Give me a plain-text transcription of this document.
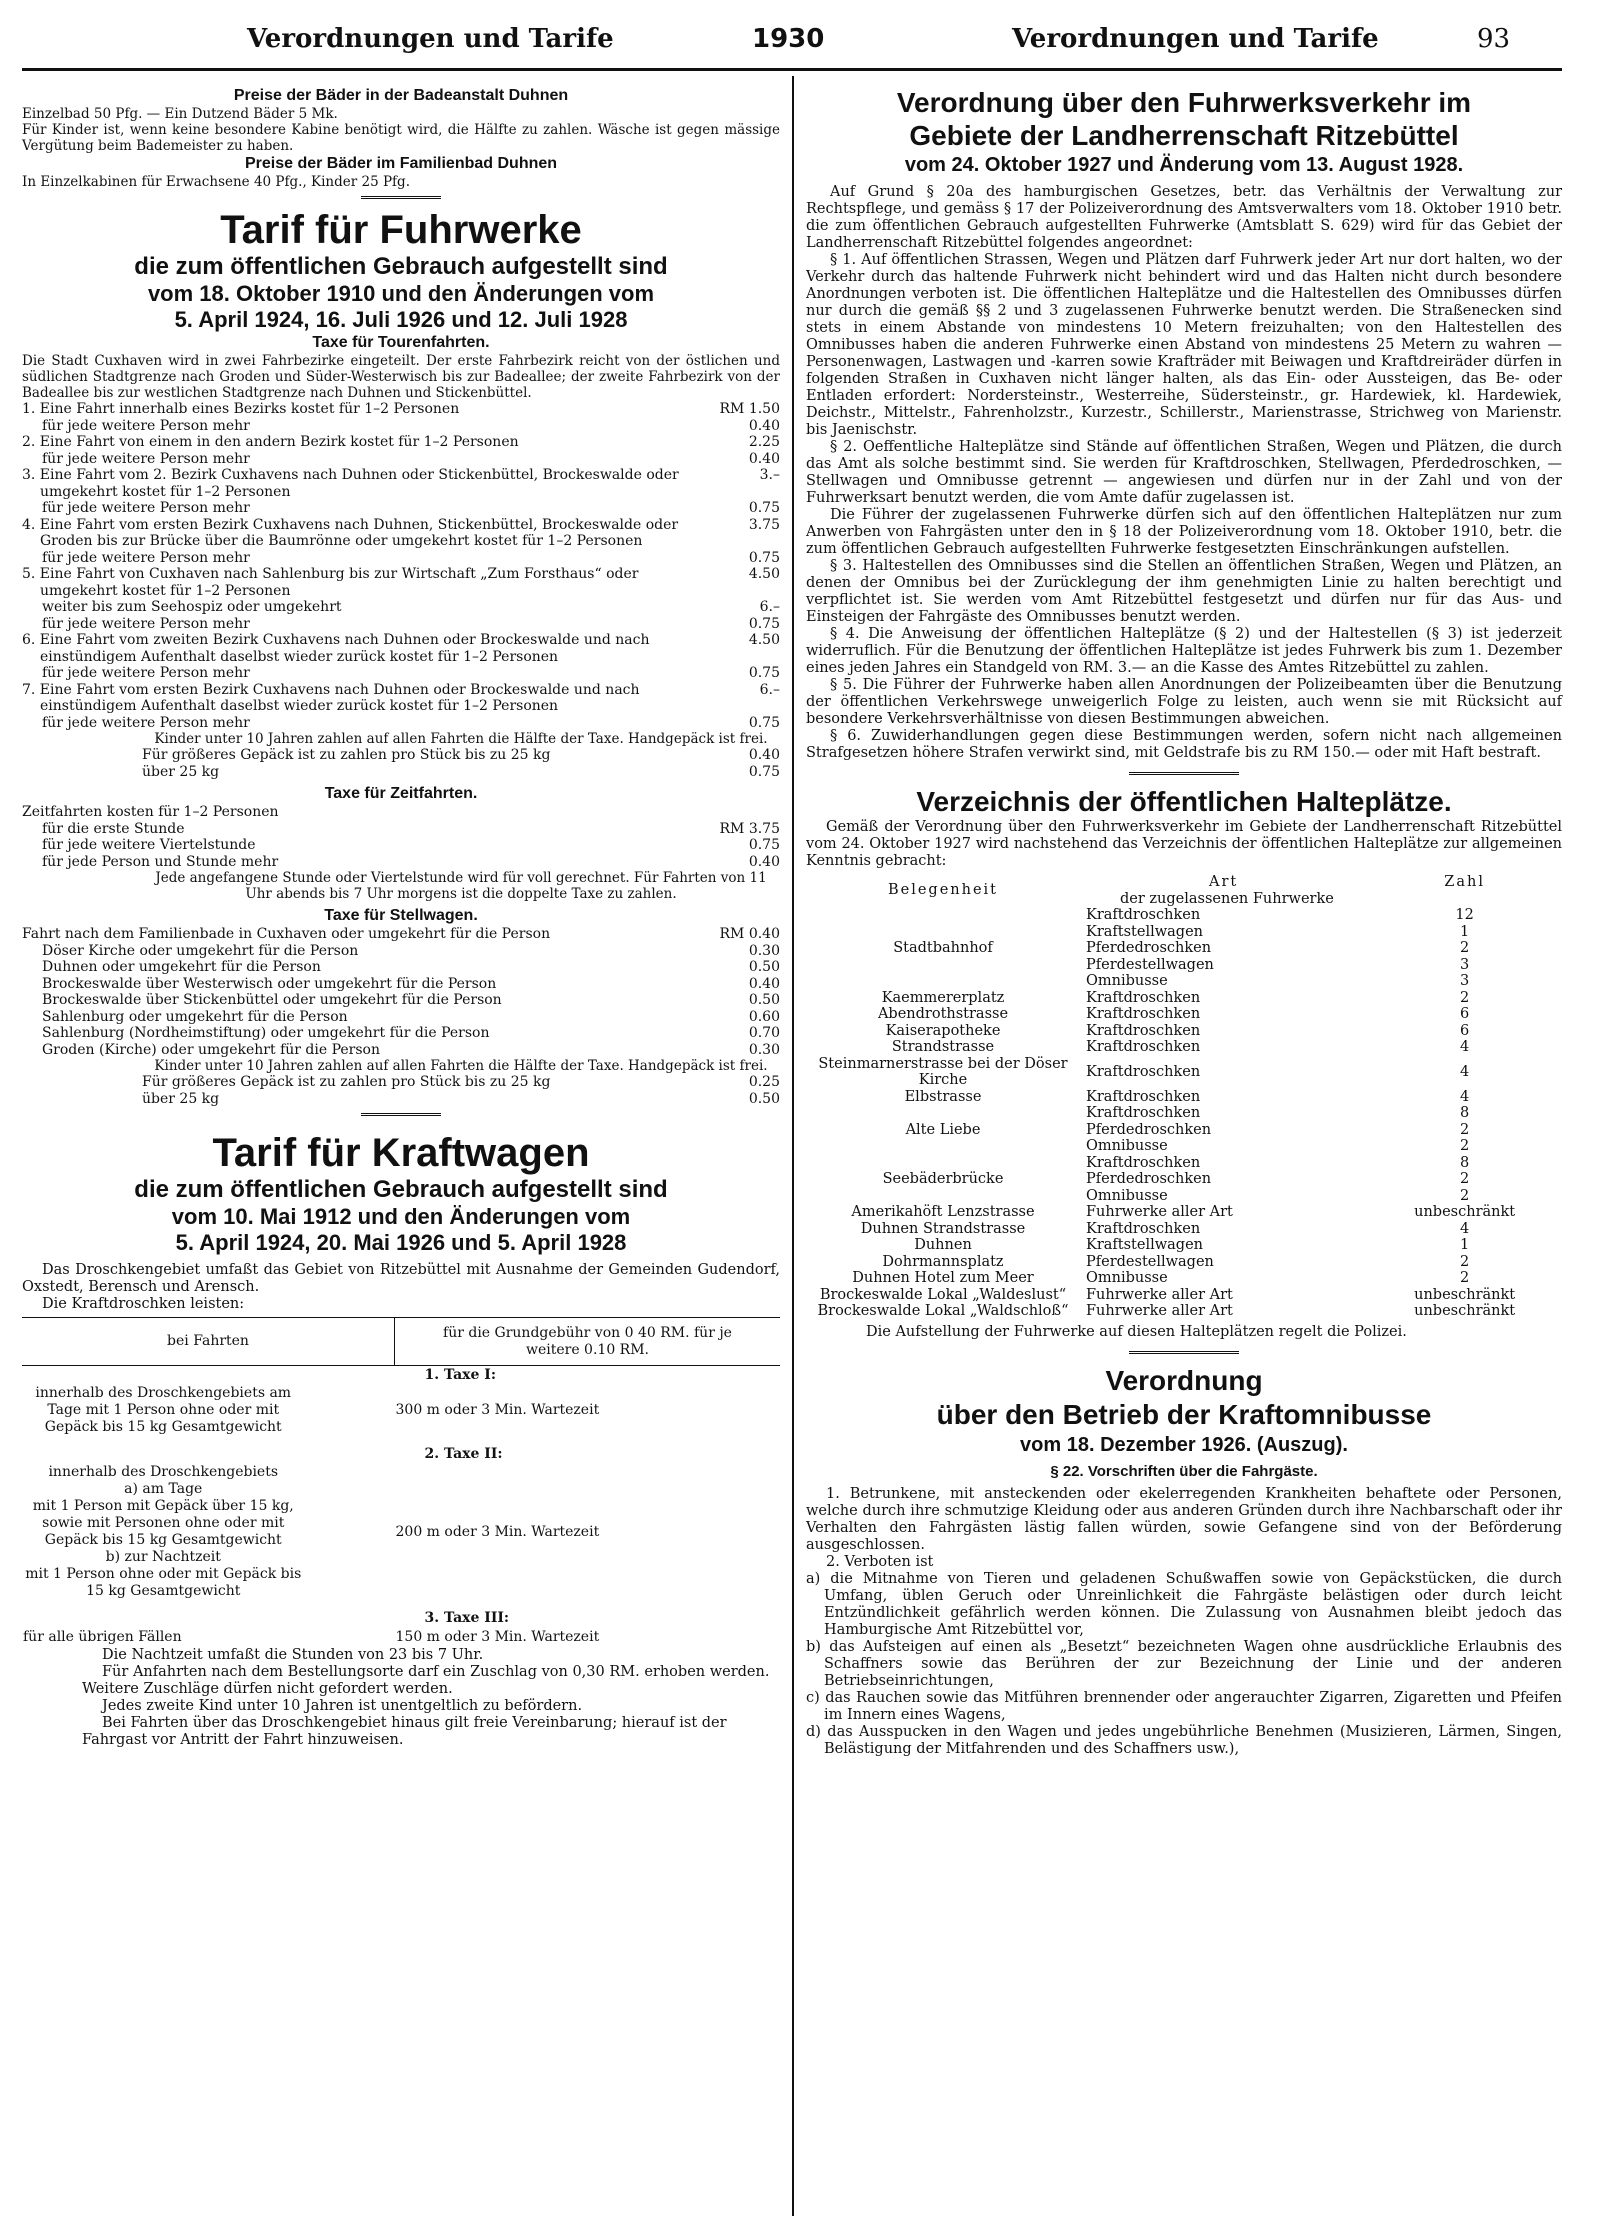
Verordnungen und Tarife	1930	Verordnungen und Tarife	93

Preise der Bäder in der Badeanstalt Duhnen

Einzelbad 50 Pfg. — Ein Dutzend Bäder 5 Mk.

Für Kinder ist, wenn keine besondere Kabine benötigt wird, die Hälfte zu zahlen. Wäsche ist gegen mässige Vergütung beim Bademeister zu haben.

Preise der Bäder im Familienbad Duhnen

In Einzelkabinen für Erwachsene 40 Pfg., Kinder 25 Pfg.

Tarif für Fuhrwerke

die zum öffentlichen Gebrauch aufgestellt sind

vom 18. Oktober 1910 und den Änderungen vom

5. April 1924, 16. Juli 1926 und 12. Juli 1928

Taxe für Tourenfahrten.

Die Stadt Cuxhaven wird in zwei Fahrbezirke eingeteilt. Der erste Fahrbezirk reicht von der östlichen und südlichen Stadtgrenze nach Groden und Süder-Westerwisch bis zur Badeallee; der zweite Fahrbezirk von der Badeallee bis zur westlichen Stadtgrenze nach Duhnen und Stickenbüttel.

1. Eine Fahrt innerhalb eines Bezirks kostet für 1–2 Personen	RM 1.50
für jede weitere Person mehr	0.40
2. Eine Fahrt von einem in den andern Bezirk kostet für 1–2 Personen	2.25
für jede weitere Person mehr	0.40
3. Eine Fahrt vom 2. Bezirk Cuxhavens nach Duhnen oder Stickenbüttel, Brockeswalde oder umgekehrt kostet für 1–2 Personen
3.–
für jede weitere Person mehr	0.75
4. Eine Fahrt vom ersten Bezirk Cuxhavens nach Duhnen, Stickenbüttel, Brockeswalde oder Groden bis zur Brücke über die Baumrönne oder umgekehrt kostet für 1–2 Personen
3.75
für jede weitere Person mehr	0.75
5. Eine Fahrt von Cuxhaven nach Sahlenburg bis zur Wirtschaft „Zum Forsthaus“ oder umgekehrt kostet für 1–2 Personen
4.50
weiter bis zum Seehospiz oder umgekehrt	6.–
für jede weitere Person mehr	0.75
6. Eine Fahrt vom zweiten Bezirk Cuxhavens nach Duhnen oder Brockeswalde und nach einstündigem Aufenthalt daselbst wieder zurück kostet für 1–2 Personen
4.50
für jede weitere Person mehr	0.75
7. Eine Fahrt vom ersten Bezirk Cuxhavens nach Duhnen oder Brockeswalde und nach einstündigem Aufenthalt daselbst wieder zurück kostet für 1–2 Personen
6.–
für jede weitere Person mehr	0.75

Kinder unter 10 Jahren zahlen auf allen Fahrten die Hälfte der Taxe. Handgepäck ist frei.

Für größeres Gepäck ist zu zahlen pro Stück bis zu 25 kg	0.40
über 25 kg	0.75

Taxe für Zeitfahrten.

Zeitfahrten kosten für 1–2 Personen
für die erste Stunde	RM 3.75
für jede weitere Viertelstunde	0.75
für jede Person und Stunde mehr	0.40

Jede angefangene Stunde oder Viertelstunde wird für voll gerechnet. Für Fahrten von 11 Uhr abends bis 7 Uhr morgens ist die doppelte Taxe zu zahlen.

Taxe für Stellwagen.

Fahrt nach dem Familienbade in Cuxhaven oder umgekehrt für die Person	RM 0.40
Döser Kirche oder umgekehrt für die Person	0.30
Duhnen oder umgekehrt für die Person	0.50
Brockeswalde über Westerwisch oder umgekehrt für die Person	0.40
Brockeswalde über Stickenbüttel oder umgekehrt für die Person	0.50
Sahlenburg oder umgekehrt für die Person	0.60
Sahlenburg (Nordheimstiftung) oder umgekehrt für die Person	0.70
Groden (Kirche) oder umgekehrt für die Person	0.30

Kinder unter 10 Jahren zahlen auf allen Fahrten die Hälfte der Taxe. Handgepäck ist frei.

Für größeres Gepäck ist zu zahlen pro Stück bis zu 25 kg	0.25
über 25 kg	0.50

Tarif für Kraftwagen

die zum öffentlichen Gebrauch aufgestellt sind

vom 10. Mai 1912 und den Änderungen vom

5. April 1924, 20. Mai 1926 und 5. April 1928

Das Droschkengebiet umfaßt das Gebiet von Ritzebüttel mit Ausnahme der Gemeinden Gudendorf, Oxstedt, Berensch und Arensch.

Die Kraftdroschken leisten:

bei Fahrten	für die Grundgebühr von 0 40 RM. für je weitere 0.10 RM.
	1. Taxe I:
innerhalb des Droschkengebiets am Tage mit 1 Person ohne oder mit Gepäck bis 15 kg Gesamtgewicht	300 m oder 3 Min. Wartezeit
	2. Taxe II:

innerhalb des Droschkengebiets
a) am Tage
mit 1 Person mit Gepäck über 15 kg, sowie mit Personen ohne oder mit Gepäck bis 15 kg Gesamtgewicht
b) zur Nachtzeit
mit 1 Person ohne oder mit Gepäck bis 15 kg Gesamtgewicht	200 m oder 3 Min. Wartezeit
	3. Taxe III:
für alle übrigen Fällen	150 m oder 3 Min. Wartezeit

Die Nachtzeit umfaßt die Stunden von 23 bis 7 Uhr.

Für Anfahrten nach dem Bestellungsorte darf ein Zuschlag von 0,30 RM. erhoben werden. Weitere Zuschläge dürfen nicht gefordert werden.

Jedes zweite Kind unter 10 Jahren ist unentgeltlich zu befördern.

Bei Fahrten über das Droschkengebiet hinaus gilt freie Vereinbarung; hierauf ist der Fahrgast vor Antritt der Fahrt hinzuweisen.

Verordnung über den Fuhrwerksverkehr im

Gebiete der Landherrenschaft Ritzebüttel

vom 24. Oktober 1927 und Änderung vom 13. August 1928.

Auf Grund § 20a des hamburgischen Gesetzes, betr. das Verhältnis der Verwaltung zur Rechtspflege, und gemäss § 17 der Polizeiverordnung des Amtsverwalters vom 18. Oktober 1910 betr. die zum öffentlichen Gebrauch aufgestellten Fuhrwerke (Amtsblatt S. 629) wird für das Gebiet der Landherrenschaft Ritzebüttel folgendes angeordnet:

§ 1. Auf öffentlichen Strassen, Wegen und Plätzen darf Fuhrwerk jeder Art nur dort halten, wo der Verkehr durch das haltende Fuhrwerk nicht behindert wird und das Halten nicht durch besondere Anordnungen verboten ist. Die öffentlichen Halteplätze und die Haltestellen des Omnibusses dürfen nur durch die gemäß §§ 2 und 3 zugelassenen Fuhrwerke benutzt werden. Die Straßenecken sind stets in einem Abstande von mindestens 10 Metern freizuhalten; von den Haltestellen des Omnibusses haben die anderen Fuhrwerke einen Abstand von mindestens 25 Metern zu wahren — Personenwagen, Lastwagen und -karren sowie Krafträder mit Beiwagen und Kraftdreiräder dürfen in folgenden Straßen in Cuxhaven nicht länger halten, als das Ein- oder Aussteigen, das Be- oder Entladen erfordert: Nordersteinstr., Westerreihe, Südersteinstr., gr. Hardewiek, kl. Hardewiek, Deichstr., Mittelstr., Fahrenholzstr., Kurzestr., Schillerstr., Marienstrasse, Strichweg von Marienstr. bis Jaenischstr.

§ 2. Oeffentliche Halteplätze sind Stände auf öffentlichen Straßen, Wegen und Plätzen, die durch das Amt als solche bestimmt sind. Sie werden für Kraftdroschken, Stellwagen, Pferdedroschken, — Stellwagen und Omnibusse getrennt — angewiesen und dürfen nur in der Zahl und von der Fuhrwerksart benutzt werden, die vom Amte dafür zugelassen ist.

Die Führer der zugelassenen Fuhrwerke dürfen sich auf den öffentlichen Halteplätzen nur zum Anwerben von Fahrgästen unter den in § 18 der Polizeiverordnung vom 18. Oktober 1910, betr. die zum öffentlichen Gebrauch aufgestellten Fuhrwerke festgesetzten Einschränkungen aufstellen.

§ 3. Haltestellen des Omnibusses sind die Stellen an öffentlichen Straßen, Wegen und Plätzen, an denen der Omnibus bei der Zurücklegung der ihm genehmigten Linie zu halten berechtigt und verpflichtet ist. Sie werden vom Amt Ritzebüttel festgesetzt und dürfen nur für das Aus- und Einsteigen der Fahrgäste des Omnibusses benutzt werden.

§ 4. Die Anweisung der öffentlichen Halteplätze (§ 2) und der Haltestellen (§ 3) ist jederzeit widerruflich. Für die Benutzung der öffentlichen Halteplätze ist jedes Fuhrwerk bis zum 1. Dezember eines jeden Jahres ein Standgeld von RM. 3.— an die Kasse des Amtes Ritzebüttel zu zahlen.

§ 5. Die Führer der Fuhrwerke haben allen Anordnungen der Polizeibeamten über die Benutzung der öffentlichen Verkehrswege unweigerlich Folge zu leisten, auch wenn sie mit Rücksicht auf besondere Verkehrsverhältnisse von diesen Bestimmungen abweichen.

§ 6. Zuwiderhandlungen gegen diese Bestimmungen werden, sofern nicht nach allgemeinen Strafgesetzen höhere Strafen verwirkt sind, mit Geldstrafe bis zu RM 150.— oder mit Haft bestraft.

Verzeichnis der öffentlichen Halteplätze.

Gemäß der Verordnung über den Fuhrwerksverkehr im Gebiete der Landherrenschaft Ritzebüttel vom 24. Oktober 1927 wird nachstehend das Verzeichnis der öffentlichen Halteplätze zur allgemeinen Kenntnis gebracht:

Belegenheit	Art	Zahl
	der zugelassenen Fuhrwerke	
	Kraftdroschken	12
	Kraftstellwagen	1
Stadtbahnhof	Pferdedroschken	2
	Pferdestellwagen	3
	Omnibusse	3
Kaemmererplatz	Kraftdroschken	2
Abendrothstrasse	Kraftdroschken	6
Kaiserapotheke	Kraftdroschken	6
Strandstrasse	Kraftdroschken	4
Steinmarnerstrasse bei der Döser Kirche	Kraftdroschken	4
Elbstrasse	Kraftdroschken	4
	Kraftdroschken	8
Alte Liebe	Pferdedroschken	2
	Omnibusse	2
	Kraftdroschken	8
Seebäderbrücke	Pferdedroschken	2
	Omnibusse	2
Amerikahöft Lenzstrasse	Fuhrwerke aller Art	unbeschränkt
Duhnen Strandstrasse	Kraftdroschken	4
Duhnen	Kraftstellwagen	1
Dohrmannsplatz	Pferdestellwagen	2
Duhnen Hotel zum Meer	Omnibusse	2
Brockeswalde Lokal „Waldeslust“	Fuhrwerke aller Art	unbeschränkt
Brockeswalde Lokal „Waldschloß“	Fuhrwerke aller Art	unbeschränkt

Die Aufstellung der Fuhrwerke auf diesen Halteplätzen regelt die Polizei.

Verordnung

über den Betrieb der Kraftomnibusse

vom 18. Dezember 1926. (Auszug).

§ 22. Vorschriften über die Fahrgäste.

1. Betrunkene, mit ansteckenden oder ekelerregenden Krankheiten behaftete oder Personen, welche durch ihre schmutzige Kleidung oder aus anderen Gründen durch ihre Nachbarschaft oder ihr Verhalten den Fahrgästen lästig fallen würden, sowie Gefangene sind von der Beförderung ausgeschlossen.

2. Verboten ist

a) die Mitnahme von Tieren und geladenen Schußwaffen sowie von Gepäckstücken, die durch Umfang, üblen Geruch oder Unreinlichkeit die Fahrgäste belästigen oder durch leicht Entzündlichkeit gefährlich werden können. Die Zulassung von Ausnahmen bleibt jedoch das Hamburgische Amt Ritzebüttel vor,

b) das Aufsteigen auf einen als „Besetzt“ bezeichneten Wagen ohne ausdrückliche Erlaubnis des Schaffners sowie das Berühren der zur Bezeichnung der Linie und der anderen Betriebseinrichtungen,

c) das Rauchen sowie das Mitführen brennender oder angerauchter Zigarren, Zigaretten und Pfeifen im Innern eines Wagens,

d) das Ausspucken in den Wagen und jedes ungebührliche Benehmen (Musizieren, Lärmen, Singen, Belästigung der Mitfahrenden und des Schaffners usw.),
